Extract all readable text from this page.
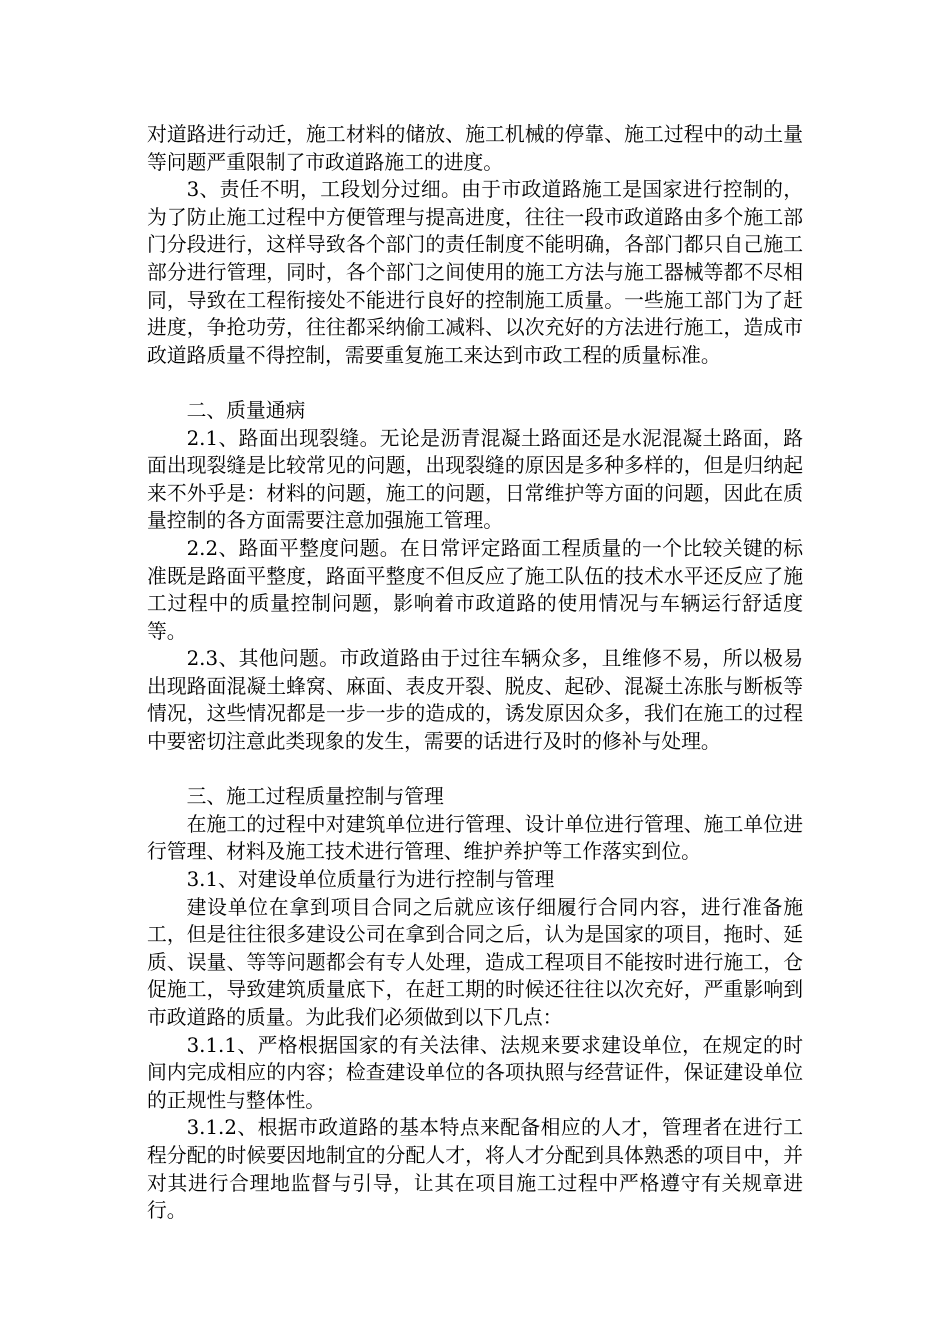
对道路进行动迁，施工材料的储放、施工机械的停靠、施工过程中的动土量等问题严重限制了市政道路施工的进度。

3、责任不明，工段划分过细。由于市政道路施工是国家进行控制的，为了防止施工过程中方便管理与提高进度，往往一段市政道路由多个施工部门分段进行，这样导致各个部门的责任制度不能明确，各部门都只自己施工部分进行管理，同时，各个部门之间使用的施工方法与施工器械等都不尽相同，导致在工程衔接处不能进行良好的控制施工质量。一些施工部门为了赶进度，争抢功劳，往往都采纳偷工减料、以次充好的方法进行施工，造成市政道路质量不得控制，需要重复施工来达到市政工程的质量标准。

二、质量通病

2.1、路面出现裂缝。无论是沥青混凝土路面还是水泥混凝土路面，路面出现裂缝是比较常见的问题，出现裂缝的原因是多种多样的，但是归纳起来不外乎是：材料的问题，施工的问题，日常维护等方面的问题，因此在质量控制的各方面需要注意加强施工管理。

2.2、路面平整度问题。在日常评定路面工程质量的一个比较关键的标准既是路面平整度，路面平整度不但反应了施工队伍的技术水平还反应了施工过程中的质量控制问题，影响着市政道路的使用情况与车辆运行舒适度等。

2.3、其他问题。市政道路由于过往车辆众多，且维修不易，所以极易出现路面混凝土蜂窝、麻面、表皮开裂、脱皮、起砂、混凝土冻胀与断板等情况，这些情况都是一步一步的造成的，诱发原因众多，我们在施工的过程中要密切注意此类现象的发生，需要的话进行及时的修补与处理。

三、施工过程质量控制与管理

在施工的过程中对建筑单位进行管理、设计单位进行管理、施工单位进行管理、材料及施工技术进行管理、维护养护等工作落实到位。

3.1、对建设单位质量行为进行控制与管理

建设单位在拿到项目合同之后就应该仔细履行合同内容，进行准备施工，但是往往很多建设公司在拿到合同之后，认为是国家的项目，拖时、延质、误量、等等问题都会有专人处理，造成工程项目不能按时进行施工，仓促施工，导致建筑质量底下，在赶工期的时候还往往以次充好，严重影响到市政道路的质量。为此我们必须做到以下几点：

3.1.1、严格根据国家的有关法律、法规来要求建设单位，在规定的时间内完成相应的内容；检查建设单位的各项执照与经营证件，保证建设单位的正规性与整体性。

3.1.2、根据市政道路的基本特点来配备相应的人才，管理者在进行工程分配的时候要因地制宜的分配人才，将人才分配到具体熟悉的项目中，并对其进行合理地监督与引导，让其在项目施工过程中严格遵守有关规章进行。
